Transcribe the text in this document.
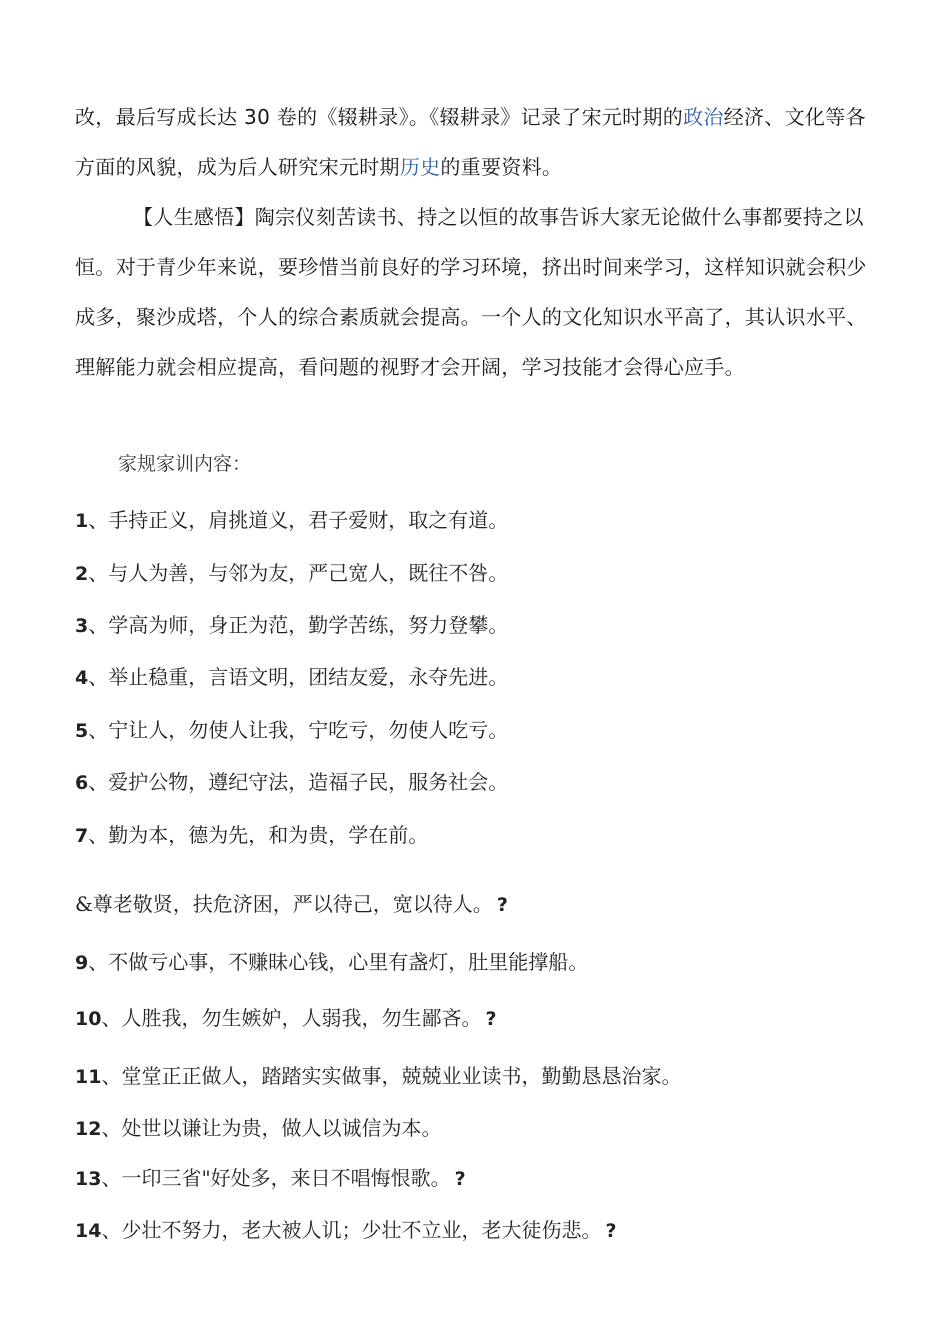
改，最后写成长达 30 卷的《辍耕录》。《辍耕录》记录了宋元时期的政治经济、文化等各方面的风貌，成为后人研究宋元时期历史的重要资料。
【人生感悟】陶宗仪刻苦读书、持之以恒的故事告诉大家无论做什么事都要持之以恒。对于青少年来说，要珍惜当前良好的学习环境，挤出时间来学习，这样知识就会积少成多，聚沙成塔，个人的综合素质就会提高。一个人的文化知识水平高了，其认识水平、理解能力就会相应提高，看问题的视野才会开阔，学习技能才会得心应手。
家规家训内容：
1、手持正义，肩挑道义，君子爱财，取之有道。
2、与人为善，与邻为友，严己宽人，既往不咎。
3、学高为师，身正为范，勤学苦练，努力登攀。
4、举止稳重，言语文明，团结友爱，永夺先进。
5、宁让人，勿使人让我，宁吃亏，勿使人吃亏。
6、爱护公物，遵纪守法，造福子民，服务社会。
7、勤为本，德为先，和为贵，学在前。
&尊老敬贤，扶危济困，严以待己，宽以待人。 ?
9、不做亏心事，不赚昧心钱，心里有盏灯，肚里能撑船。
10、人胜我，勿生嫉妒，人弱我，勿生鄙吝。 ?
11、堂堂正正做人，踏踏实实做事，兢兢业业读书，勤勤恳恳治家。
12、处世以谦让为贵，做人以诚信为本。
13、一印三省"好处多，来日不唱悔恨歌。 ?
14、少壮不努力，老大被人讥；少壮不立业，老大徒伤悲。 ?
